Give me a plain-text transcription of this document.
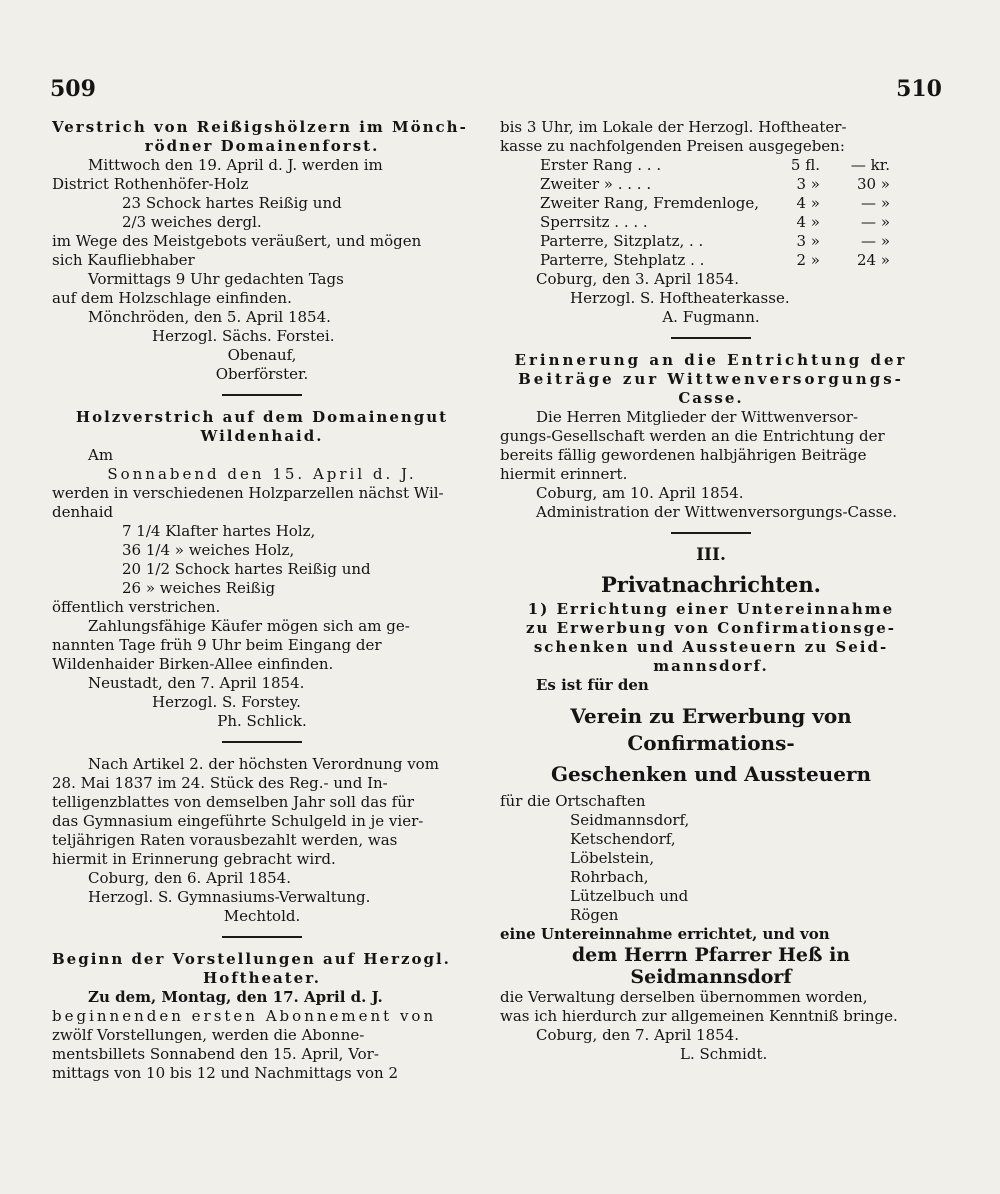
509	510

Verstrich von Reißigshölzern im Mönch-

rödner Domainenforst.

Mittwoch den 19. April d. J. werden im

District Rothenhöfer-Holz

23 Schock hartes Reißig und

2/3 weiches dergl.

im Wege des Meistgebots veräußert, und mögen

sich Kaufliebhaber

Vormittags 9 Uhr gedachten Tags

auf dem Holzschlage einfinden.

Mönchröden, den 5. April 1854.

Herzogl. Sächs. Forstei.

Obenauf,

Oberförster.

Holzverstrich auf dem Domainengut

Wildenhaid.

Am

Sonnabend den 15. April d. J.

werden in verschiedenen Holzparzellen nächst Wil-

denhaid

7 1/4 Klafter hartes Holz,

36 1/4 » weiches Holz,

20 1/2 Schock hartes Reißig und

26 » weiches Reißig

öffentlich verstrichen.

Zahlungsfähige Käufer mögen sich am ge-

nannten Tage früh 9 Uhr beim Eingang der

Wildenhaider Birken-Allee einfinden.

Neustadt, den 7. April 1854.

Herzogl. S. Forstey.

Ph. Schlick.

Nach Artikel 2. der höchsten Verordnung vom

28. Mai 1837 im 24. Stück des Reg.- und In-

telligenzblattes von demselben Jahr soll das für

das Gymnasium eingeführte Schulgeld in je vier-

teljährigen Raten vorausbezahlt werden, was

hiermit in Erinnerung gebracht wird.

Coburg, den 6. April 1854.

Herzogl. S. Gymnasiums-Verwaltung.

Mechtold.

Beginn der Vorstellungen auf Herzogl.

Hoftheater.

Zu dem, Montag, den 17. April d. J.

beginnenden ersten Abonnement von

zwölf Vorstellungen, werden die Abonne-

mentsbillets Sonnabend den 15. April, Vor-

mittags von 10 bis 12 und Nachmittags von 2

bis 3 Uhr, im Lokale der Herzogl. Hoftheater-

kasse zu nachfolgenden Preisen ausgegeben:

Erster Rang . . .	5 fl.	— kr.
Zweiter » . . . .	3 »	30 »
Zweiter Rang, Fremdenloge,	4 »	— »
Sperrsitz . . . .	4 »	— »
Parterre, Sitzplatz, . .	3 »	— »
Parterre, Stehplatz . .	2 »	24 »

Coburg, den 3. April 1854.

Herzogl. S. Hoftheaterkasse.

A. Fugmann.

Erinnerung an die Entrichtung der

Beiträge zur Wittwenversorgungs-

Casse.

Die Herren Mitglieder der Wittwenversor-

gungs-Gesellschaft werden an die Entrichtung der

bereits fällig gewordenen halbjährigen Beiträge

hiermit erinnert.

Coburg, am 10. April 1854.

Administration der Wittwenversorgungs-Casse.

III.

Privatnachrichten.

1) Errichtung einer Untereinnahme

zu Erwerbung von Confirmationsge-

schenken und Aussteuern zu Seid-

mannsdorf.

Es ist für den

Verein zu Erwerbung von Confirmations-

Geschenken und Aussteuern

für die Ortschaften

Seidmannsdorf,

Ketschendorf,

Löbelstein,

Rohrbach,

Lützelbuch und

Rögen

eine Untereinnahme errichtet, und von

dem Herrn Pfarrer Heß in

Seidmannsdorf

die Verwaltung derselben übernommen worden,

was ich hierdurch zur allgemeinen Kenntniß bringe.

Coburg, den 7. April 1854.

L. Schmidt.
